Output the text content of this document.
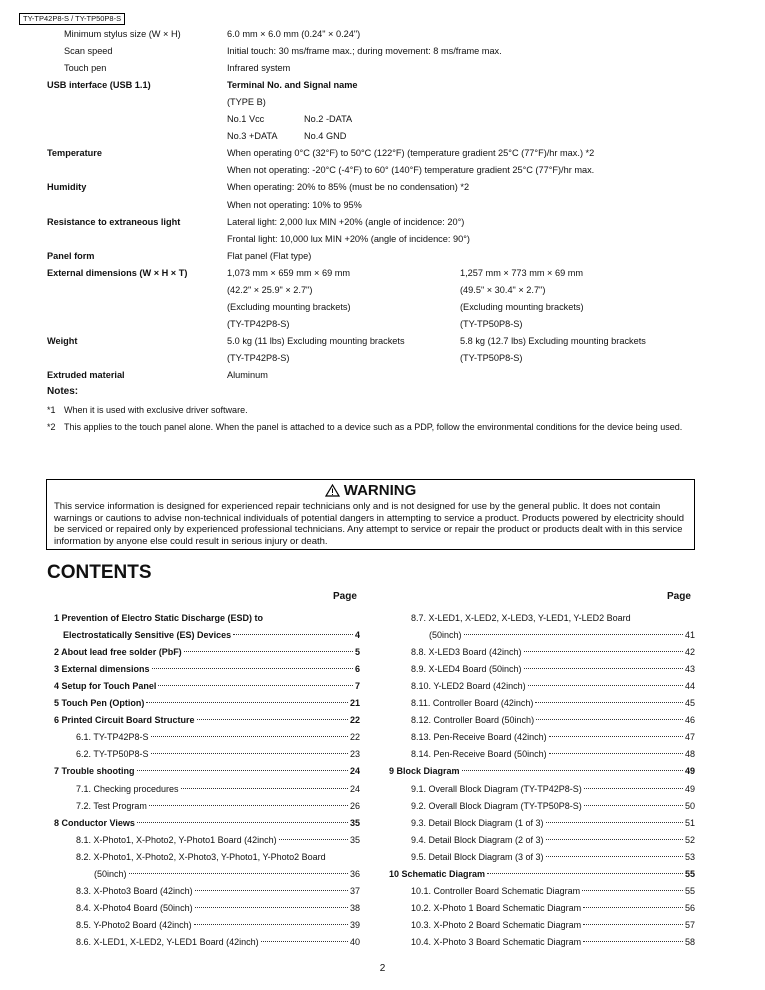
TY-TP42P8-S / TY-TP50P8-S
Minimum stylus size (W × H)	6.0 mm × 6.0 mm (0.24" × 0.24")
Scan speed	Initial touch: 30 ms/frame max.; during movement: 8 ms/frame max.
Touch pen	Infrared system
USB interface (USB 1.1)	Terminal No. and Signal name
(TYPE B)
No.1 Vcc	No.2 -DATA
No.3 +DATA	No.4 GND
Temperature	When operating 0°C (32°F) to 50°C (122°F) (temperature gradient 25°C (77°F)/hr max.) *2
When not operating: -20°C (-4°F) to 60° (140°F) temperature gradient 25°C (77°F)/hr max.
Humidity	When operating: 20% to 85% (must be no condensation) *2
When not operating: 10% to 95%
Resistance to extraneous light	Lateral light: 2,000 lux MIN +20% (angle of incidence: 20°)
Frontal light: 10,000 lux MIN +20% (angle of incidence: 90°)
Panel form	Flat panel (Flat type)
External dimensions (W × H × T)	1,073 mm × 659 mm × 69 mm	1,257 mm × 773 mm × 69 mm
(42.2" × 25.9" × 2.7")	(49.5" × 30.4" × 2.7")
(Excluding mounting brackets)	(Excluding mounting brackets)
(TY-TP42P8-S)	(TY-TP50P8-S)
Weight	5.0 kg (11 lbs) Excluding mounting brackets	5.8 kg (12.7 lbs) Excluding mounting brackets
(TY-TP42P8-S)	(TY-TP50P8-S)
Extruded material	Aluminum
Notes:
*1 When it is used with exclusive driver software.
*2 This applies to the touch panel alone. When the panel is attached to a device such as a PDP, follow the environmental conditions for the device being used.
WARNING
This service information is designed for experienced repair technicians only and is not designed for use by the general public. It does not contain warnings or cautions to advise non-technical individuals of potential dangers in attempting to service a product. Products powered by electricity should be serviced or repaired only by experienced professional technicians. Any attempt to service or repair the product or products dealt with in this service information by anyone else could result in serious injury or death.
CONTENTS
Page	Page
1 Prevention of Electro Static Discharge (ESD) to
Electrostatically Sensitive (ES) Devices	4
2 About lead free solder (PbF)	5
3 External dimensions	6
4 Setup for Touch Panel	7
5 Touch Pen (Option)	21
6 Printed Circuit Board Structure	22
6.1. TY-TP42P8-S	22
6.2. TY-TP50P8-S	23
7 Trouble shooting	24
7.1. Checking procedures	24
7.2. Test Program	26
8 Conductor Views	35
8.1. X-Photo1, X-Photo2, Y-Photo1 Board (42inch)	35
8.2. X-Photo1, X-Photo2, X-Photo3, Y-Photo1, Y-Photo2 Board
(50inch)	36
8.3. X-Photo3 Board (42inch)	37
8.4. X-Photo4 Board (50inch)	38
8.5. Y-Photo2 Board (42inch)	39
8.6. X-LED1, X-LED2, Y-LED1 Board (42inch)	40
8.7. X-LED1, X-LED2, X-LED3, Y-LED1, Y-LED2 Board
(50inch)	41
8.8. X-LED3 Board (42inch)	42
8.9. X-LED4 Board (50inch)	43
8.10. Y-LED2 Board (42inch)	44
8.11. Controller Board (42inch)	45
8.12. Controller Board (50inch)	46
8.13. Pen-Receive Board (42inch)	47
8.14. Pen-Receive Board (50inch)	48
9 Block Diagram	49
9.1. Overall Block Diagram (TY-TP42P8-S)	49
9.2. Overall Block Diagram (TY-TP50P8-S)	50
9.3. Detail Block Diagram (1 of 3)	51
9.4. Detail Block Diagram (2 of 3)	52
9.5. Detail Block Diagram (3 of 3)	53
10 Schematic Diagram	55
10.1. Controller Board Schematic Diagram	55
10.2. X-Photo 1 Board Schematic Diagram	56
10.3. X-Photo 2 Board Schematic Diagram	57
10.4. X-Photo 3 Board Schematic Diagram	58
2
